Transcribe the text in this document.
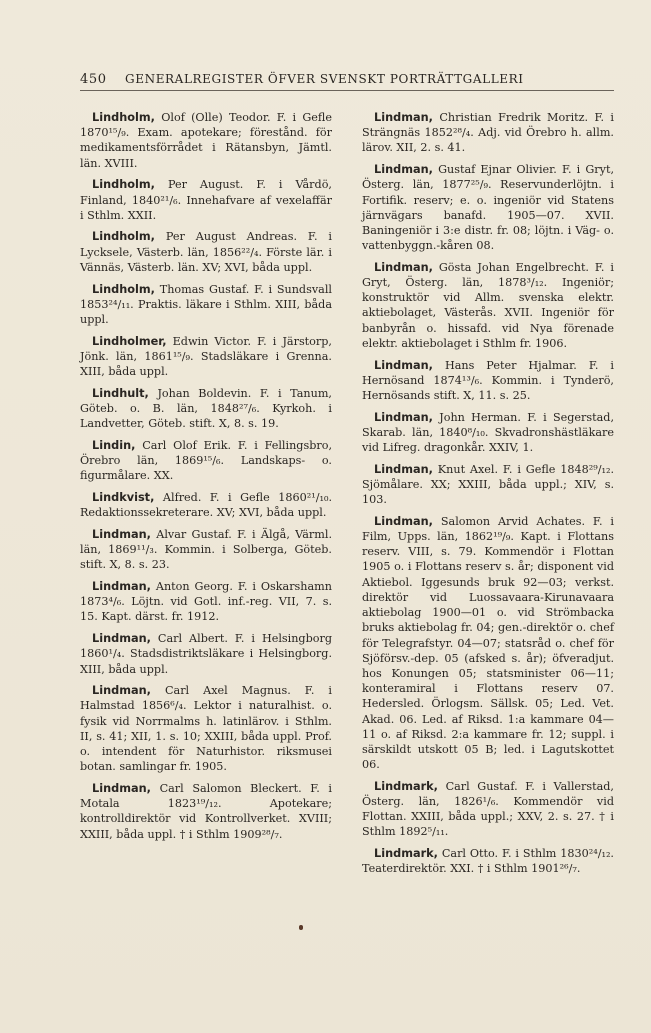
450 GENERALREGISTER ÖFVER SVENSKT PORTRÄTTGALLERI

Lindholm, Olof (Olle) Teodor. F. i Gefle 1870¹⁵/₉. Exam. apotekare; förestånd. för medikamentsförrådet i Rätansbyn, Jämtl. län. XVIII.

Lindholm, Per August. F. i Vårdö, Finland, 1840²¹/₆. Innehafvare af vexelaffär i Sthlm. XXII.

Lindholm, Per August Andreas. F. i Lycksele, Västerb. län, 1856²²/₄. Förste lär. i Vännäs, Västerb. län. XV; XVI, båda uppl.

Lindholm, Thomas Gustaf. F. i Sundsvall 1853²⁴/₁₁. Praktis. läkare i Sthlm. XIII, båda uppl.

Lindholmer, Edwin Victor. F. i Järstorp, Jönk. län, 1861¹⁵/₉. Stadsläkare i Grenna. XIII, båda uppl.

Lindhult, Johan Boldevin. F. i Tanum, Göteb. o. B. län, 1848²⁷/₆. Kyrkoh. i Landvetter, Göteb. stift. X, 8. s. 19.

Lindin, Carl Olof Erik. F. i Fellingsbro, Örebro län, 1869¹⁵/₆. Landskaps- o. figurmålare. XX.

Lindkvist, Alfred. F. i Gefle 1860²¹/₁₀. Redaktionssekreterare. XV; XVI, båda uppl.

Lindman, Alvar Gustaf. F. i Älgå, Värml. län, 1869¹¹/₃. Kommin. i Solberga, Göteb. stift. X, 8. s. 23.

Lindman, Anton Georg. F. i Oskarshamn 1873⁴/₆. Löjtn. vid Gotl. inf.-reg. VII, 7. s. 15. Kapt. därst. fr. 1912.

Lindman, Carl Albert. F. i Helsingborg 1860¹/₄. Stadsdistriktsläkare i Helsingborg. XIII, båda uppl.

Lindman, Carl Axel Magnus. F. i Halmstad 1856⁶/₄. Lektor i naturalhist. o. fysik vid Norrmalms h. latinlärov. i Sthlm. II, s. 41; XII, 1. s. 10; XXIII, båda uppl. Prof. o. intendent för Naturhistor. riksmusei botan. samlingar fr. 1905.

Lindman, Carl Salomon Bleckert. F. i Motala 1823¹⁹/₁₂. Apotekare; kontrolldirektör vid Kontrollverket. XVIII; XXIII, båda uppl. † i Sthlm 1909²⁸/₇.

Lindman, Christian Fredrik Moritz. F. i Strängnäs 1852²⁸/₄. Adj. vid Örebro h. allm. lärov. XII, 2. s. 41.

Lindman, Gustaf Ejnar Olivier. F. i Gryt, Österg. län, 1877²⁵/₉. Reservunderlöjtn. i Fortifik. reserv; e. o. ingeniör vid Statens järnvägars banafd. 1905—07. XVII. Baningeniör i 3:e distr. fr. 08; löjtn. i Väg- o. vattenbyggn.-kåren 08.

Lindman, Gösta Johan Engelbrecht. F. i Gryt, Österg. län, 1878³/₁₂. Ingeniör; konstruktör vid Allm. svenska elektr. aktiebolaget, Västerås. XVII. Ingeniör för banbyrån o. hissafd. vid Nya förenade elektr. aktiebolaget i Sthlm fr. 1906.

Lindman, Hans Peter Hjalmar. F. i Hernösand 1874¹³/₆. Kommin. i Tynderö, Hernösands stift. X, 11. s. 25.

Lindman, John Herman. F. i Segerstad, Skarab. län, 1840⁸/₁₀. Skvadronshästläkare vid Lifreg. dragonkår. XXIV, 1.

Lindman, Knut Axel. F. i Gefle 1848²⁹/₁₂. Sjömålare. XX; XXIII, båda uppl.; XIV, s. 103.

Lindman, Salomon Arvid Achates. F. i Film, Upps. län, 1862¹⁹/₉. Kapt. i Flottans reserv. VIII, s. 79. Kommendör i Flottan 1905 o. i Flottans reserv s. år; disponent vid Aktiebol. Iggesunds bruk 92—03; verkst. direktör vid Luossavaara-Kirunavaara aktiebolag 1900—01 o. vid Strömbacka bruks aktiebolag fr. 04; gen.-direktör o. chef för Telegrafstyr. 04—07; statsråd o. chef för Sjöförsv.-dep. 05 (afsked s. år); öfveradjut. hos Konungen 05; statsminister 06—11; konteramiral i Flottans reserv 07. Hedersled. Örlogsm. Sällsk. 05; Led. Vet. Akad. 06. Led. af Riksd. 1:a kammare 04—11 o. af Riksd. 2:a kammare fr. 12; suppl. i särskildt utskott 05 B; led. i Lagutskottet 06.

Lindmark, Carl Gustaf. F. i Vallerstad, Österg. län, 1826¹/₆. Kommendör vid Flottan. XXIII, båda uppl.; XXV, 2. s. 27. † i Sthlm 1892⁵/₁₁.

Lindmark, Carl Otto. F. i Sthlm 1830²⁴/₁₂. Teaterdirektör. XXI. † i Sthlm 1901²⁶/₇.
